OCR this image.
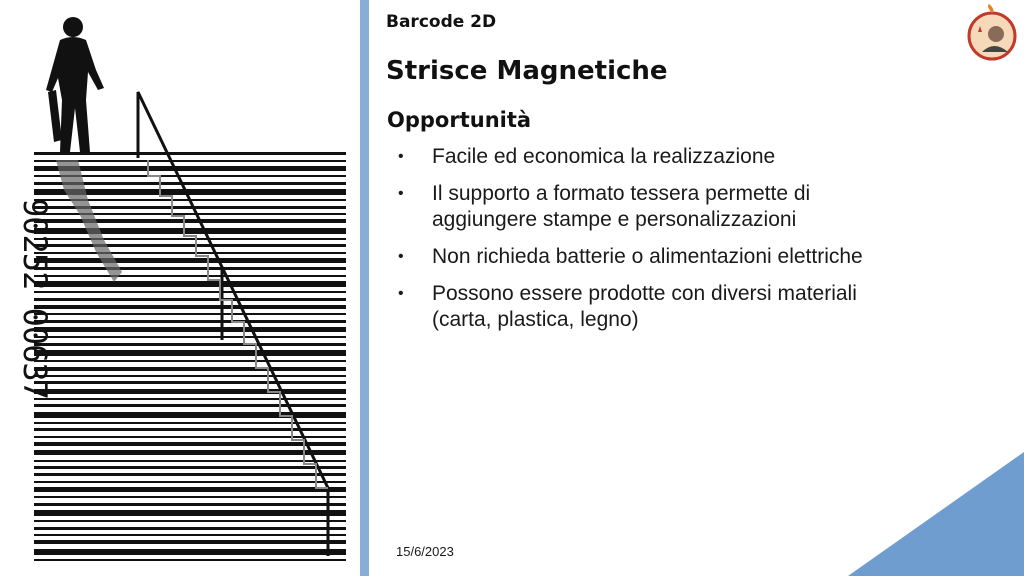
90252 00637
Barcode 2D
Strisce Magnetiche
Opportunità
• Facile ed economica la realizzazione
• Il supporto a formato tessera permette di
aggiungere stampe e personalizzazioni
• Non richieda batterie o alimentazioni elettriche
• Possono essere prodotte con diversi materiali
(carta, plastica, legno)
15/6/2023
